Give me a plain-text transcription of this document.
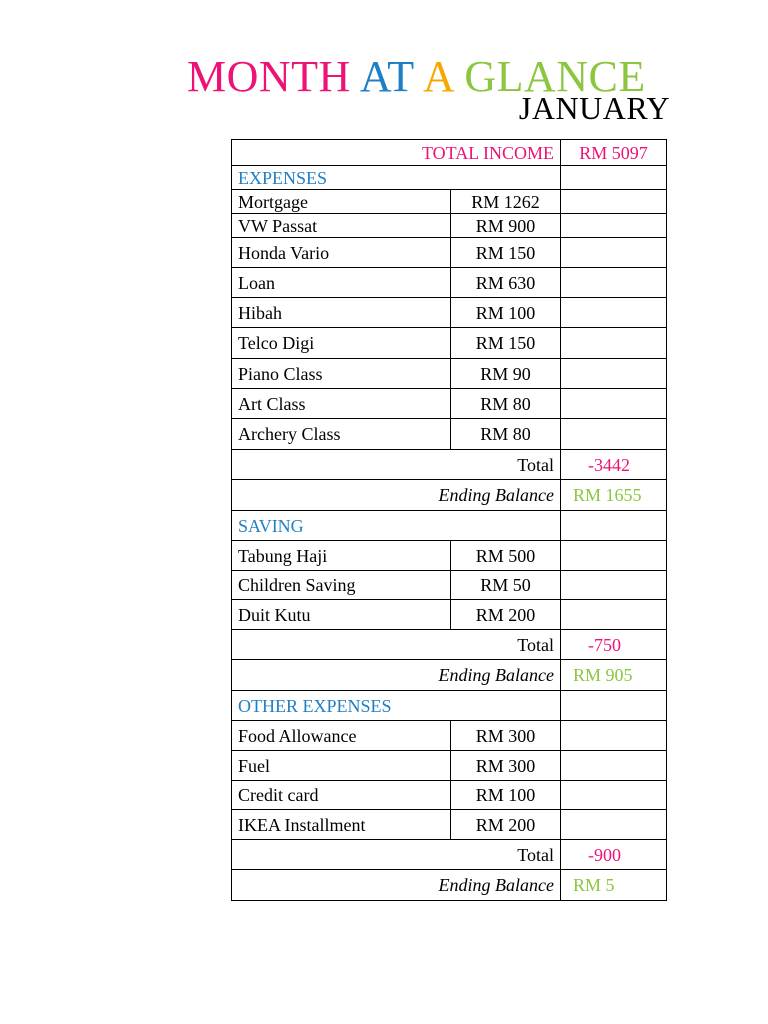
MONTH AT A GLANCE
JANUARY
TOTAL INCOME		RM 5097
EXPENSES		
Mortgage	RM 1262	
VW Passat	RM 900	
Honda Vario	RM 150	
Loan	RM 630	
Hibah	RM 100	
Telco Digi	RM 150	
Piano Class	RM 90	
Art Class	RM 80	
Archery Class	RM 80	
Total		-3442
Ending Balance		RM 1655
SAVING		
Tabung Haji	RM 500	
Children Saving	RM 50	
Duit Kutu	RM 200	
Total		-750
Ending Balance		RM 905
OTHER EXPENSES		
Food Allowance	RM 300	
Fuel	RM 300	
Credit card	RM 100	
IKEA Installment	RM 200	
Total		-900
Ending Balance		RM 5
